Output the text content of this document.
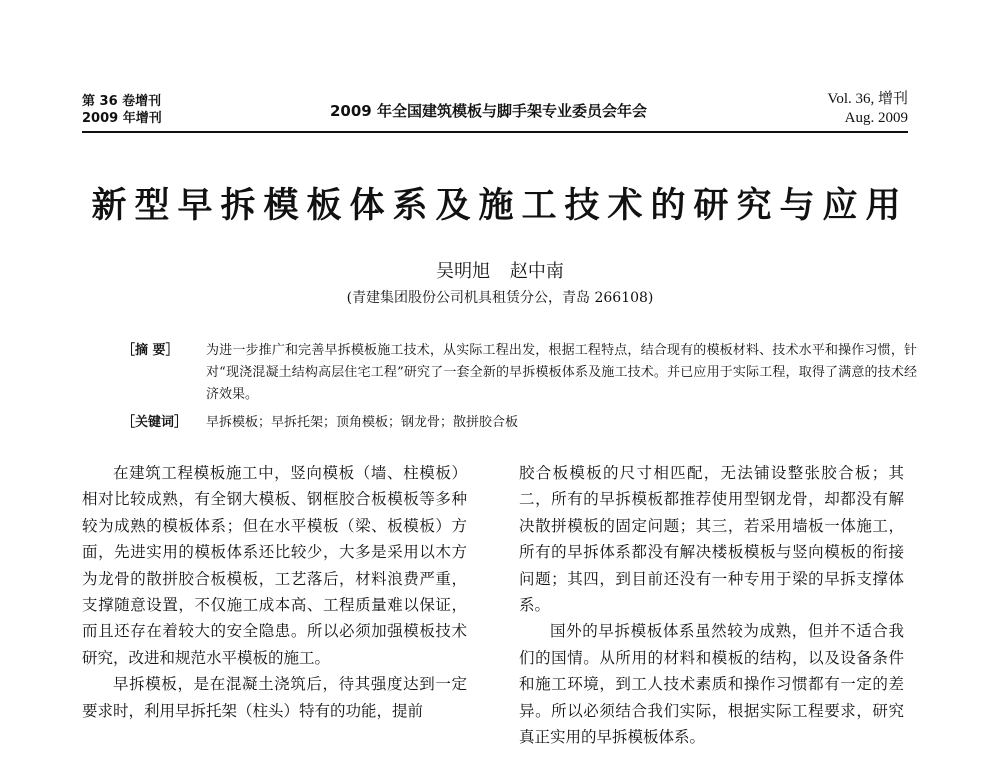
第 36 卷增刊
2009 年增刊	2009 年全国建筑模板与脚手架专业委员会年会
Vol. 36, 增刊
Aug. 2009
新型早拆模板体系及施工技术的研究与应用
吴明旭 赵中南
(青建集团股份公司机具租赁分公，青岛 266108)
［摘 要］ 为进一步推广和完善早拆模板施工技术，从实际工程出发，根据工程特点，结合现有的模板材料、技术水平和操作习惯，针对“现浇混凝土结构高层住宅工程”研究了一套全新的早拆模板体系及施工技术。并已应用于实际工程，取得了满意的技术经济效果。
［关键词］ 早拆模板；早拆托架；顶角模板；钢龙骨；散拼胶合板

在建筑工程模板施工中，竖向模板（墙、柱模板）相对比较成熟，有全钢大模板、钢框胶合板模板等多种较为成熟的模板体系；但在水平模板（梁、板模板）方面，先进实用的模板体系还比较少，大多是采用以木方为龙骨的散拼胶合板模板，工艺落后，材料浪费严重，支撑随意设置，不仅施工成本高、工程质量难以保证，而且还存在着较大的安全隐患。所以必须加强模板技术研究，改进和规范水平模板的施工。

早拆模板，是在混凝土浇筑后，待其强度达到一定要求时，利用早拆托架（柱头）特有的功能，提前

胶合板模板的尺寸相匹配，无法铺设整张胶合板；其二，所有的早拆模板都推荐使用型钢龙骨，却都没有解决散拼模板的固定问题；其三，若采用墙板一体施工，所有的早拆体系都没有解决楼板模板与竖向模板的衔接问题；其四，到目前还没有一种专用于梁的早拆支撑体系。

国外的早拆模板体系虽然较为成熟，但并不适合我们的国情。从所用的材料和模板的结构，以及设备条件和施工环境，到工人技术素质和操作习惯都有一定的差异。所以必须结合我们实际，根据实际工程要求，研究真正实用的早拆模板体系。
